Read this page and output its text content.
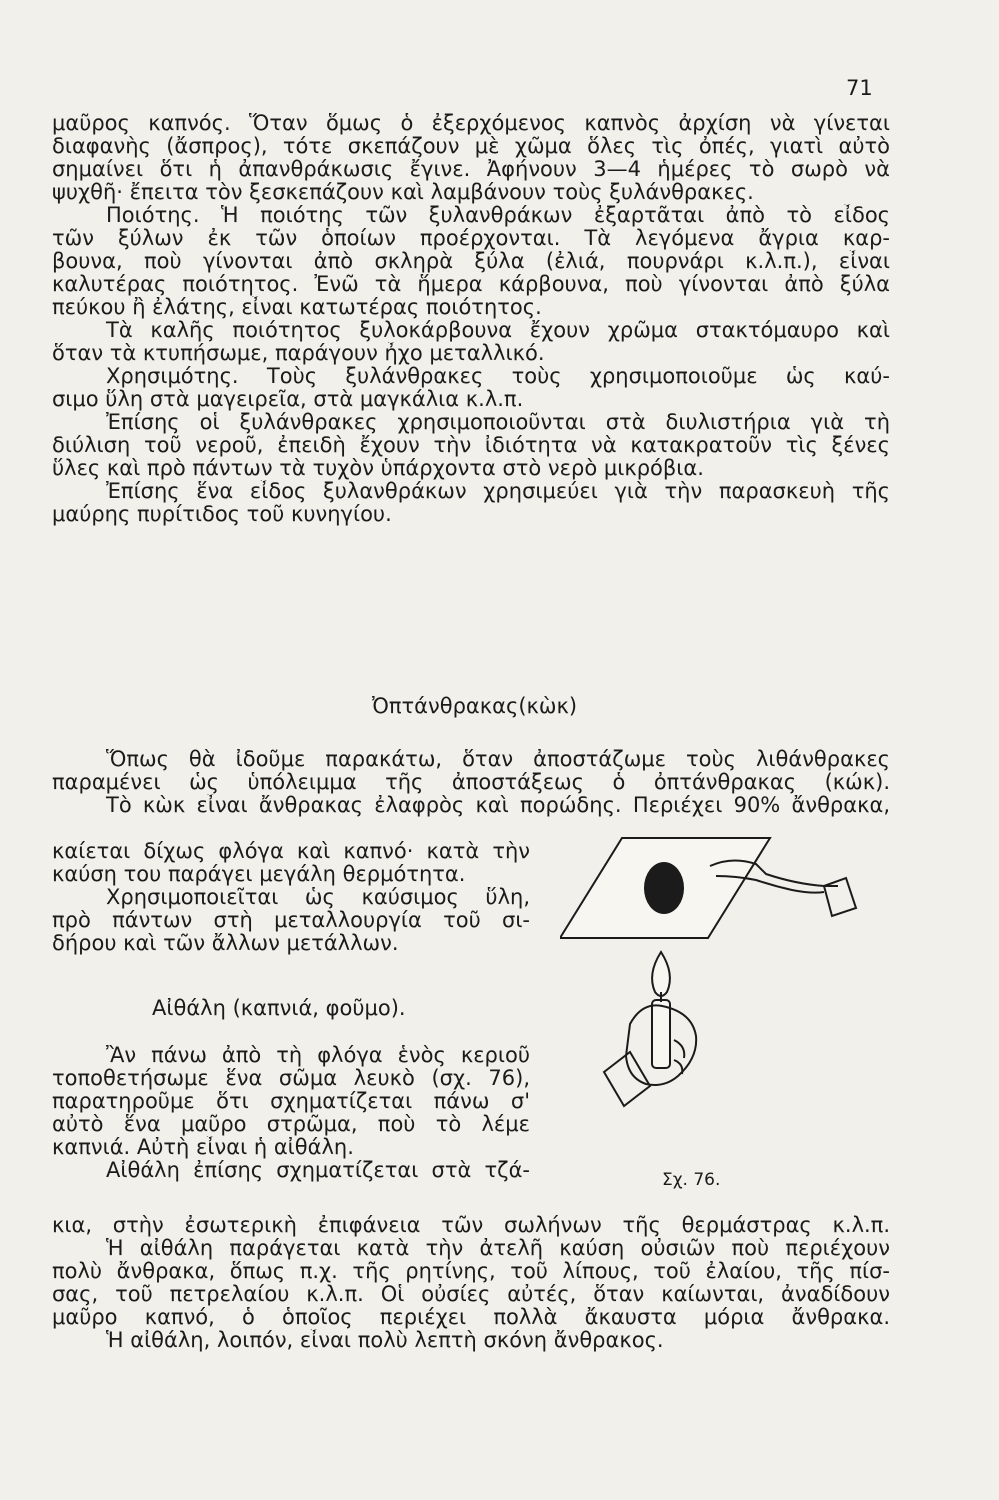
71
μαῦρος καπνός. Ὅταν ὅμως ὁ ἐξερχόμενος καπνὸς ἀρχίση νὰ γίνεται
διαφανὴς (ἄσπρος), τότε σκεπάζουν μὲ χῶμα ὅλες τὶς ὀπές, γιατὶ αὐτὸ
σημαίνει ὅτι ἡ ἀπανθράκωσις ἔγινε. Ἀφήνουν 3—4 ἡμέρες τὸ σωρὸ νὰ
ψυχθῆ· ἔπειτα τὸν ξεσκεπάζουν καὶ λαμβάνουν τοὺς ξυλάνθρακες.
Ποιότης. Ἡ ποιότης τῶν ξυλανθράκων ἐξαρτᾶται ἀπὸ τὸ εἶδος
τῶν ξύλων ἐκ τῶν ὁποίων προέρχονται. Τὰ λεγόμενα ἄγρια καρ-
βουνα, ποὺ γίνονται ἀπὸ σκληρὰ ξύλα (ἐλιά, πουρνάρι κ.λ.π.), εἶναι
καλυτέρας ποιότητος. Ἐνῶ τὰ ἥμερα κάρβουνα, ποὺ γίνονται ἀπὸ ξύλα
πεύκου ἢ ἐλάτης, εἶναι κατωτέρας ποιότητος.
Τὰ καλῆς ποιότητος ξυλοκάρβουνα ἔχουν χρῶμα στακτόμαυρο καὶ
ὅταν τὰ κτυπήσωμε, παράγουν ἦχο μεταλλικό.
Χρησιμότης. Τοὺς ξυλάνθρακες τοὺς χρησιμοποιοῦμε ὡς καύ-
σιμο ὕλη στὰ μαγειρεῖα, στὰ μαγκάλια κ.λ.π.
Ἐπίσης οἱ ξυλάνθρακες χρησιμοποιοῦνται στὰ διυλιστήρια γιὰ τὴ
διύλιση τοῦ νεροῦ, ἐπειδὴ ἔχουν τὴν ἰδιότητα νὰ κατακρατοῦν τὶς ξένες
ὕλες καὶ πρὸ πάντων τὰ τυχὸν ὑπάρχοντα στὸ νερὸ μικρόβια.
Ἐπίσης ἕνα εἶδος ξυλανθράκων χρησιμεύει γιὰ τὴν παρασκευὴ τῆς
μαύρης πυρίτιδος τοῦ κυνηγίου.
Ὀπτάνθρακας(κὼκ)
Ὅπως θὰ ἰδοῦμε παρακάτω, ὅταν ἀποστάζωμε τοὺς λιθάνθρακες
παραμένει ὡς ὑπόλειμμα τῆς ἀποστάξεως ὁ ὀπτάνθρακας (κώκ).
Τὸ κὼκ εἶναι ἄνθρακας ἐλαφρὸς καὶ πορώδης. Περιέχει 90% ἄνθρακα,
καίεται δίχως φλόγα καὶ καπνό· κατὰ τὴν
καύση του παράγει μεγάλη θερμότητα.
Χρησιμοποιεῖται ὡς καύσιμος ὕλη,
πρὸ πάντων στὴ μεταλλουργία τοῦ σι-
δήρου καὶ τῶν ἄλλων μετάλλων.
Αἰθάλη (καπνιά, φοῦμο).
Ἂν πάνω ἀπὸ τὴ φλόγα ἑνὸς κεριοῦ
τοποθετήσωμε ἕνα σῶμα λευκὸ (σχ. 76),
παρατηροῦμε ὅτι σχηματίζεται πάνω σ'
αὐτὸ ἕνα μαῦρο στρῶμα, ποὺ τὸ λέμε
καπνιά. Αὐτὴ εἶναι ἡ αἰθάλη.
Αἰθάλη ἐπίσης σχηματίζεται στὰ τζά-	Σχ. 76.
κια, στὴν ἐσωτερικὴ ἐπιφάνεια τῶν σωλήνων τῆς θερμάστρας κ.λ.π.
Ἡ αἰθάλη παράγεται κατὰ τὴν ἀτελῆ καύση οὐσιῶν ποὺ περιέχουν
πολὺ ἄνθρακα, ὅπως π.χ. τῆς ρητίνης, τοῦ λίπους, τοῦ ἐλαίου, τῆς πίσ-
σας, τοῦ πετρελαίου κ.λ.π. Οἱ οὐσίες αὐτές, ὅταν καίωνται, ἀναδίδουν
μαῦρο καπνό, ὁ ὁποῖος περιέχει πολλὰ ἄκαυστα μόρια ἄνθρακα.
Ἡ αἰθάλη, λοιπόν, εἶναι πολὺ λεπτὴ σκόνη ἄνθρακος.
